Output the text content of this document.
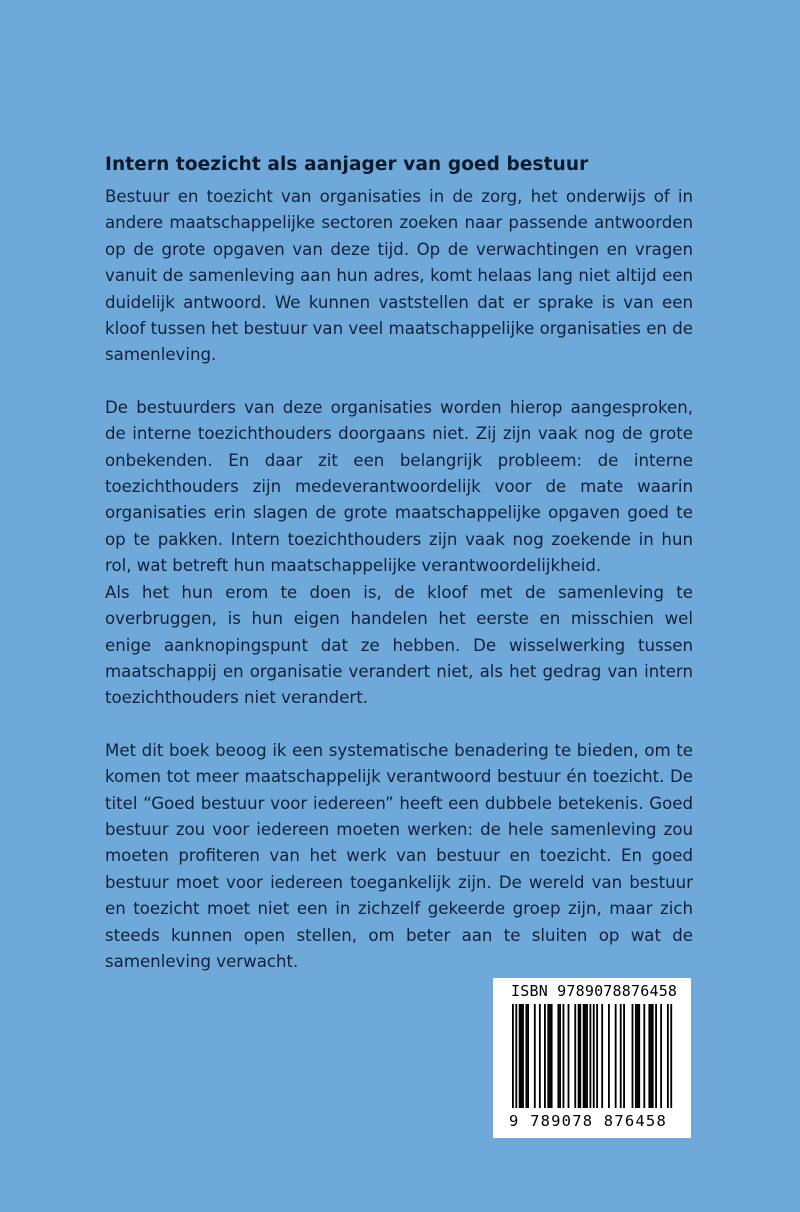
Intern toezicht als aanjager van goed bestuur

Bestuur en toezicht van organisaties in de zorg, het onderwijs of in andere maatschappelijke sectoren zoeken naar passende antwoorden op de grote opgaven van deze tijd. Op de verwachtingen en vragen vanuit de samenleving aan hun adres, komt helaas lang niet altijd een duidelijk antwoord. We kunnen vaststellen dat er sprake is van een kloof tussen het bestuur van veel maatschappelijke organisaties en de samenleving.

De bestuurders van deze organisaties worden hierop aangesproken, de interne toezichthouders doorgaans niet. Zij zijn vaak nog de grote onbekenden. En daar zit een belangrijk probleem: de interne toezichthouders zijn medeverantwoordelijk voor de mate waarin organisaties erin slagen de grote maatschappelijke opgaven goed te op te pakken. Intern toezichthouders zijn vaak nog zoekende in hun rol, wat betreft hun maatschappelijke verantwoordelijkheid.

Als het hun erom te doen is, de kloof met de samenleving te overbruggen, is hun eigen handelen het eerste en misschien wel enige aanknopingspunt dat ze hebben. De wisselwerking tussen maatschappij en organisatie verandert niet, als het gedrag van intern toezichthouders niet verandert.

Met dit boek beoog ik een systematische benadering te bieden, om te komen tot meer maatschappelijk verantwoord bestuur én toezicht. De titel “Goed bestuur voor iedereen” heeft een dubbele betekenis. Goed bestuur zou voor iedereen moeten werken: de hele samenleving zou moeten profiteren van het werk van bestuur en toezicht. En goed bestuur moet voor iedereen toegankelijk zijn. De wereld van bestuur en toezicht moet niet een in zichzelf gekeerde groep zijn, maar zich steeds kunnen open stellen, om beter aan te sluiten op wat de samenleving verwacht.

ISBN 9789078876458
9 789078 876458
